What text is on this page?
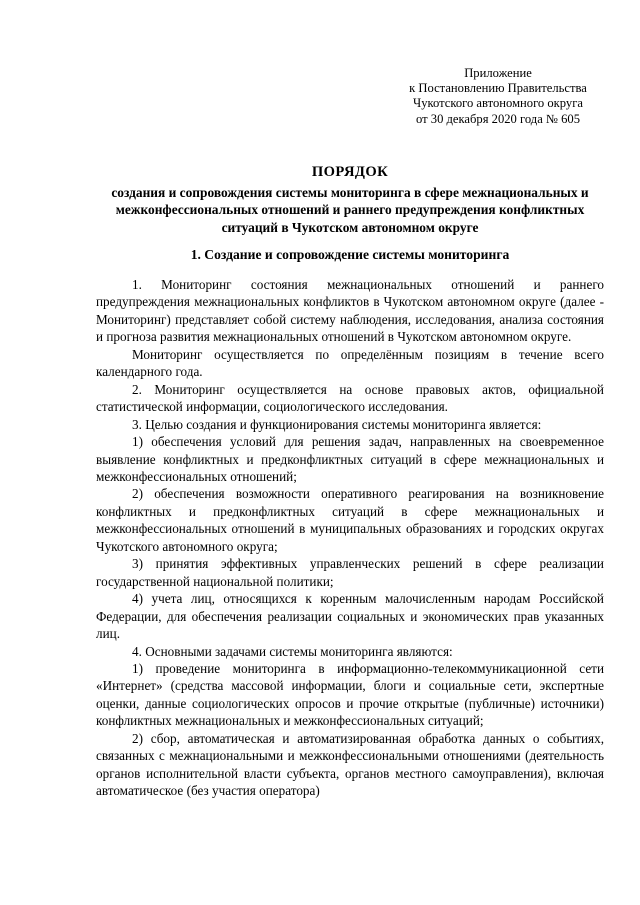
Приложение
к Постановлению Правительства
Чукотского автономного округа
от 30 декабря 2020 года № 605
ПОРЯДОК
создания и сопровождения системы мониторинга в сфере межнациональных и межконфессиональных отношений и раннего предупреждения конфликтных ситуаций в Чукотском автономном округе
1. Создание и сопровождение системы мониторинга

1. Мониторинг состояния межнациональных отношений и раннего предупреждения межнациональных конфликтов в Чукотском автономном округе (далее - Мониторинг) представляет собой систему наблюдения, исследования, анализа состояния и прогноза развития межнациональных отношений в Чукотском автономном округе.

Мониторинг осуществляется по определённым позициям в течение всего календарного года.

2. Мониторинг осуществляется на основе правовых актов, официальной статистической информации, социологического исследования.

3. Целью создания и функционирования системы мониторинга является:

1) обеспечения условий для решения задач, направленных на своевременное выявление конфликтных и предконфликтных ситуаций в сфере межнациональных и межконфессиональных отношений;

2) обеспечения возможности оперативного реагирования на возникновение конфликтных и предконфликтных ситуаций в сфере межнациональных и межконфессиональных отношений в муниципальных образованиях и городских округах Чукотского автономного округа;

3) принятия эффективных управленческих решений в сфере реализации государственной национальной политики;

4) учета лиц, относящихся к коренным малочисленным народам Российской Федерации, для обеспечения реализации социальных и экономических прав указанных лиц.

4. Основными задачами системы мониторинга являются:

1) проведение мониторинга в информационно-телекоммуникационной сети «Интернет» (средства массовой информации, блоги и социальные сети, экспертные оценки, данные социологических опросов и прочие открытые (публичные) источники) конфликтных межнациональных и межконфессиональных ситуаций;

2) сбор, автоматическая и автоматизированная обработка данных о событиях, связанных с межнациональными и межконфессиональными отношениями (деятельность органов исполнительной власти субъекта, органов местного самоуправления), включая автоматическое (без участия оператора)
